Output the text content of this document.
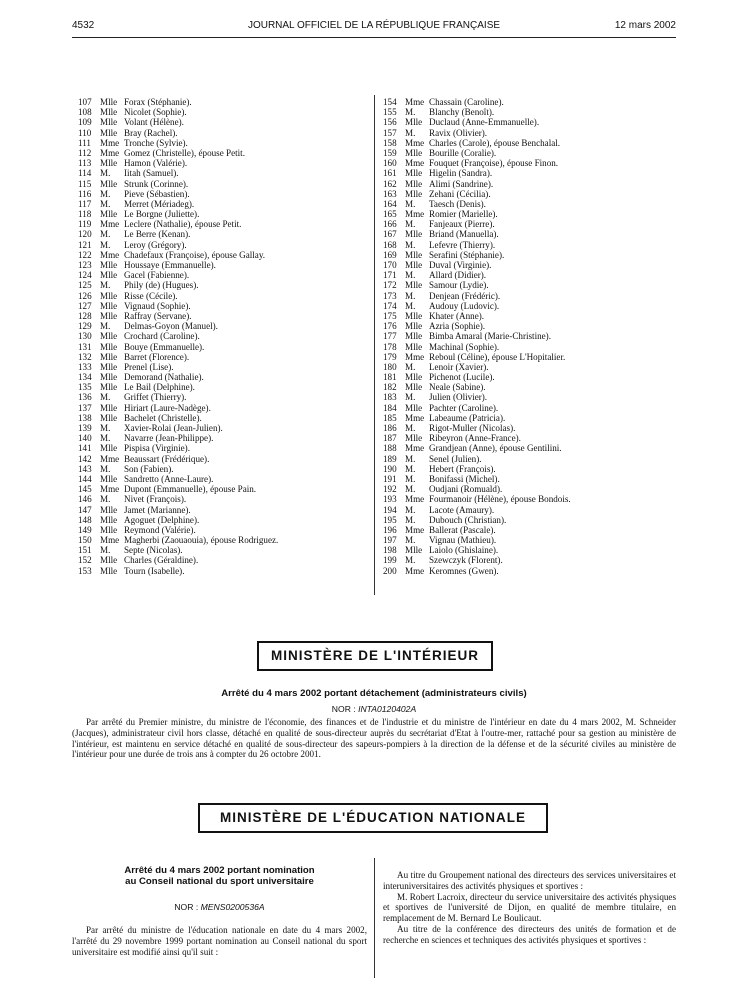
4532	JOURNAL OFFICIEL DE LA RÉPUBLIQUE FRANÇAISE	12 mars 2002
107 Mlle Forax (Stéphanie).
108 Mlle Nicolet (Sophie).
109 Mlle Volant (Hélène).
110 Mlle Bray (Rachel).
111 Mme Tronche (Sylvie).
112 Mme Gomez (Christelle), épouse Petit.
113 Mlle Hamon (Valérie).
114 M. Iitah (Samuel).
115 Mlle Strunk (Corinne).
116 M. Pieve (Sébastien).
117 M. Merret (Mériadeg).
118 Mlle Le Borgne (Juliette).
119 Mme Leclere (Nathalie), épouse Petit.
120 M. Le Berre (Kenan).
121 M. Leroy (Grégory).
122 Mme Chadefaux (Françoise), épouse Gallay.
123 Mlle Houssaye (Emmanuelle).
124 Mlle Gacel (Fabienne).
125 M. Phily (de) (Hugues).
126 Mlle Risse (Cécile).
127 Mlle Vignaud (Sophie).
128 Mlle Raffray (Servane).
129 M. Delmas-Goyon (Manuel).
130 Mlle Crochard (Caroline).
131 Mlle Bouye (Emmanuelle).
132 Mlle Barret (Florence).
133 Mlle Prenel (Lise).
134 Mlle Demorand (Nathalie).
135 Mlle Le Bail (Delphine).
136 M. Griffet (Thierry).
137 Mlle Hiriart (Laure-Nadège).
138 Mlle Bachelet (Christelle).
139 M. Xavier-Rolai (Jean-Julien).
140 M. Navarre (Jean-Philippe).
141 Mlle Pispisa (Virginie).
142 Mme Beaussart (Frédérique).
143 M. Son (Fabien).
144 Mlle Sandretto (Anne-Laure).
145 Mme Dupont (Emmanuelle), épouse Pain.
146 M. Nivet (François).
147 Mlle Jamet (Marianne).
148 Mlle Agoguet (Delphine).
149 Mlle Reymond (Valérie).
150 Mme Magherbi (Zaouaouia), épouse Rodriguez.
151 M. Septe (Nicolas).
152 Mlle Charles (Géraldine).
153 Mlle Tourn (Isabelle).
154 Mme Chassain (Caroline).
155 M. Blanchy (Benoît).
156 Mlle Duclaud (Anne-Emmanuelle).
157 M. Ravix (Olivier).
158 Mme Charles (Carole), épouse Benchalal.
159 Mlle Bourille (Coralie).
160 Mme Fouquet (Françoise), épouse Finon.
161 Mlle Higelin (Sandra).
162 Mlle Alimi (Sandrine).
163 Mlle Zehani (Cécilia).
164 M. Taesch (Denis).
165 Mme Romier (Marielle).
166 M. Fanjeaux (Pierre).
167 Mlle Briand (Manuella).
168 M. Lefevre (Thierry).
169 Mlle Serafini (Stéphanie).
170 Mlle Duval (Virginie).
171 M. Allard (Didier).
172 Mlle Samour (Lydie).
173 M. Denjean (Frédéric).
174 M. Audouy (Ludovic).
175 Mlle Khater (Anne).
176 Mlle Azria (Sophie).
177 Mlle Bimba Amaral (Marie-Christine).
178 Mlle Machinal (Sophie).
179 Mme Reboul (Céline), épouse L'Hopitalier.
180 M. Lenoir (Xavier).
181 Mlle Pichenot (Lucile).
182 Mlle Neale (Sabine).
183 M. Julien (Olivier).
184 Mlle Pachter (Caroline).
185 Mme Labeaume (Patricia).
186 M. Rigot-Muller (Nicolas).
187 Mlle Ribeyron (Anne-France).
188 Mme Grandjean (Anne), épouse Gentilini.
189 M. Senel (Julien).
190 M. Hebert (François).
191 M. Bonifassi (Michel).
192 M. Oudjani (Romuald).
193 Mme Fourmanoir (Hélène), épouse Bondois.
194 M. Lacote (Amaury).
195 M. Dubouch (Christian).
196 Mme Ballerat (Pascale).
197 M. Vignau (Mathieu).
198 Mlle Laiolo (Ghislaine).
199 M. Szewczyk (Florent).
200 Mme Keromnes (Gwen).
MINISTÈRE DE L'INTÉRIEUR
Arrêté du 4 mars 2002 portant détachement (administrateurs civils)
NOR : INTA0120402A
Par arrêté du Premier ministre, du ministre de l'économie, des finances et de l'industrie et du ministre de l'intérieur en date du 4 mars 2002, M. Schneider (Jacques), administrateur civil hors classe, détaché en qualité de sous-directeur auprès du secrétariat d'Etat à l'outre-mer, rattaché pour sa gestion au ministère de l'intérieur, est maintenu en service détaché en qualité de sous-directeur des sapeurs-pompiers à la direction de la défense et de la sécurité civiles au ministère de l'intérieur pour une durée de trois ans à compter du 26 octobre 2001.
MINISTÈRE DE L'ÉDUCATION NATIONALE
Arrêté du 4 mars 2002 portant nomination
au Conseil national du sport universitaire
NOR : MENS0200536A
Par arrêté du ministre de l'éducation nationale en date du 4 mars 2002, l'arrêté du 29 novembre 1999 portant nomination au Conseil national du sport universitaire est modifié ainsi qu'il suit :

Au titre du Groupement national des directeurs des services universitaires et interuniversitaires des activités physiques et sportives :

M. Robert Lacroix, directeur du service universitaire des activités physiques et sportives de l'université de Dijon, en qualité de membre titulaire, en remplacement de M. Bernard Le Boulicaut.

Au titre de la conférence des directeurs des unités de formation et de recherche en sciences et techniques des activités physiques et sportives :
